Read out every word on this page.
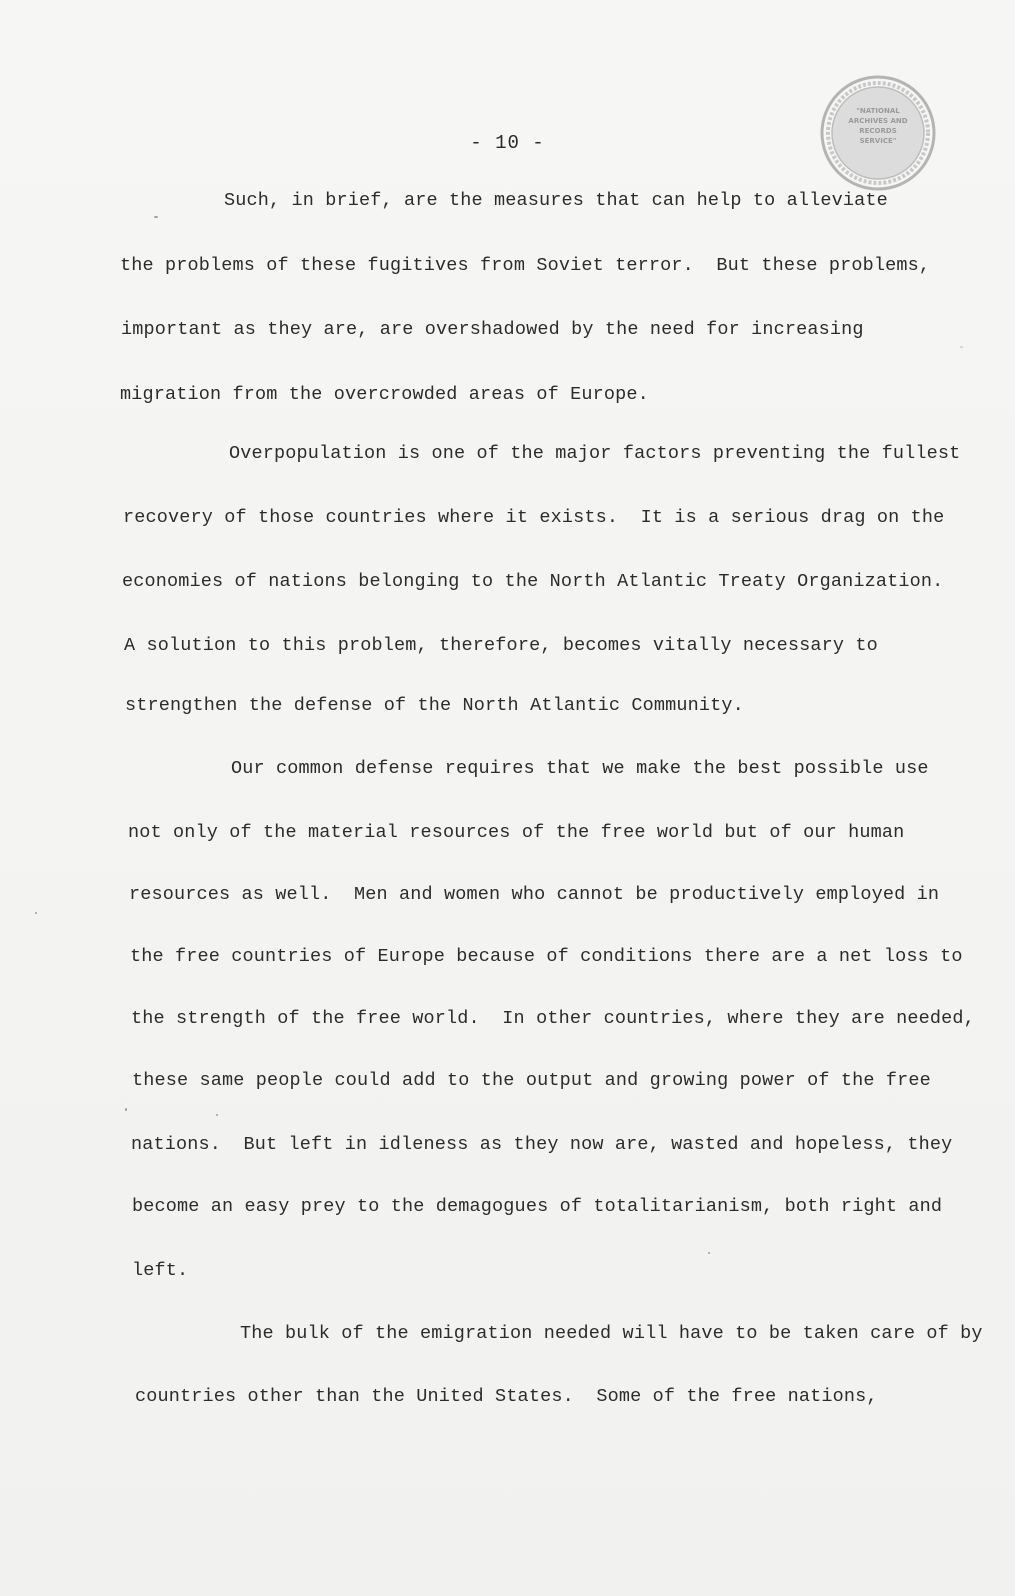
"NATIONAL
ARCHIVES AND
RECORDS
SERVICE"
- 10 -
Such, in brief, are the measures that can help to alleviate
the problems of these fugitives from Soviet terror.  But these problems,
important as they are, are overshadowed by the need for increasing
migration from the overcrowded areas of Europe.
Overpopulation is one of the major factors preventing the fullest
recovery of those countries where it exists.  It is a serious drag on the
economies of nations belonging to the North Atlantic Treaty Organization.
A solution to this problem, therefore, becomes vitally necessary to
strengthen the defense of the North Atlantic Community.
Our common defense requires that we make the best possible use
not only of the material resources of the free world but of our human
resources as well.  Men and women who cannot be productively employed in
the free countries of Europe because of conditions there are a net loss to
the strength of the free world.  In other countries, where they are needed,
these same people could add to the output and growing power of the free
nations.  But left in idleness as they now are, wasted and hopeless, they
become an easy prey to the demagogues of totalitarianism, both right and
left.
The bulk of the emigration needed will have to be taken care of by
countries other than the United States.  Some of the free nations,
